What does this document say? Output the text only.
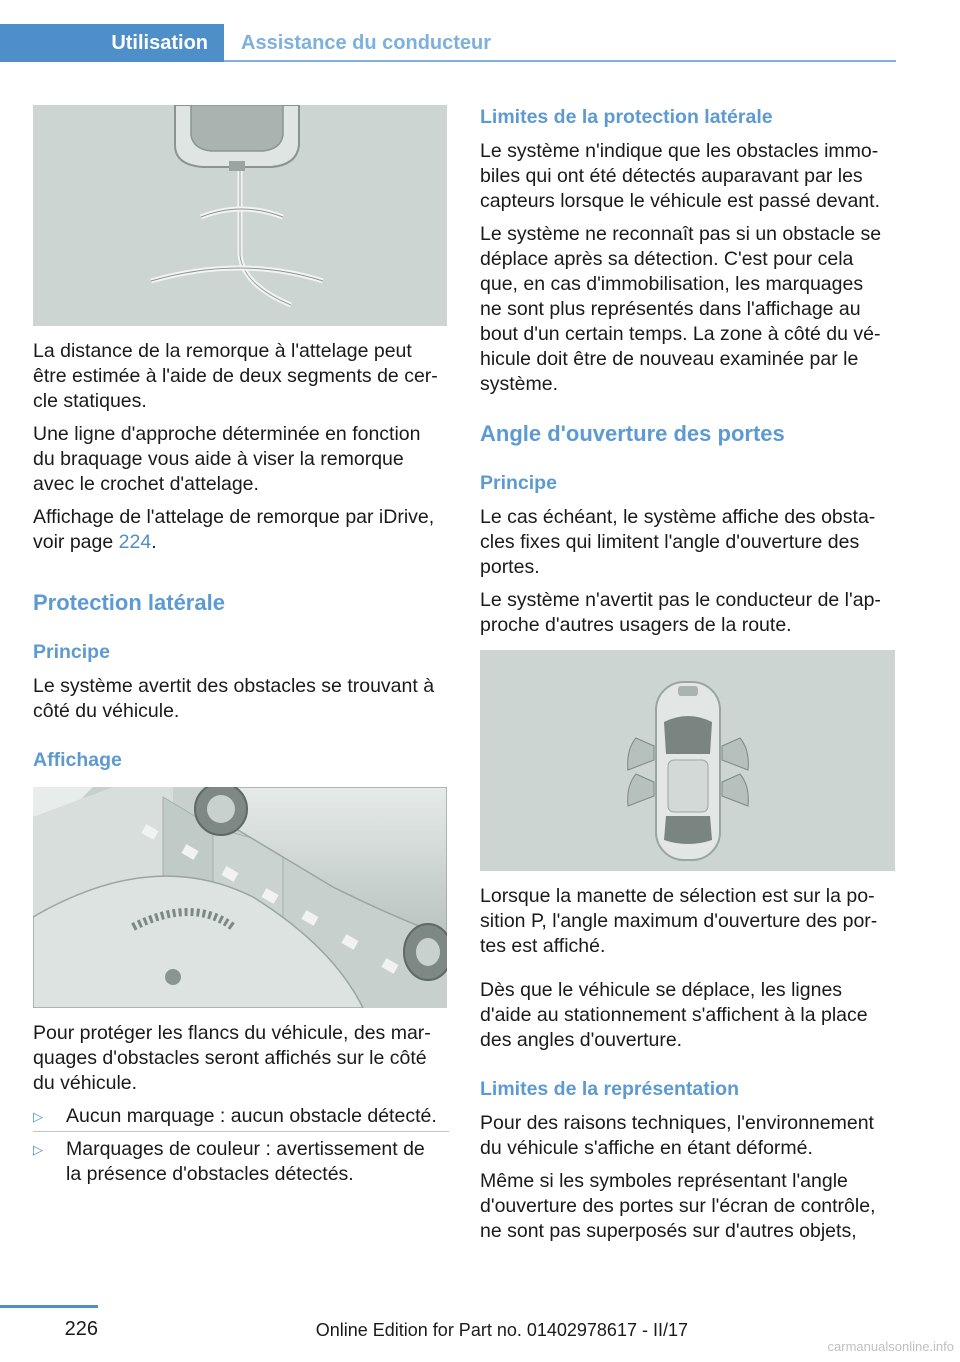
Utilisation	Assistance du conducteur

La distance de la remorque à l'attelage peut

être estimée à l'aide de deux segments de cer-

cle statiques.

Une ligne d'approche déterminée en fonction

du braquage vous aide à viser la remorque

avec le crochet d'attelage.

Affichage de l'attelage de remorque par iDrive,

voir page 224.

Protection latérale
Principe

Le système avertit des obstacles se trouvant à

côté du véhicule.

Affichage

Pour protéger les flancs du véhicule, des mar-

quages d'obstacles seront affichés sur le côté

du véhicule.

▷ Aucun marquage : aucun obstacle détecté.
▷ Marquages de couleur : avertissement de
la présence d'obstacles détectés.
Limites de la protection latérale

Le système n'indique que les obstacles immo-

biles qui ont été détectés auparavant par les

capteurs lorsque le véhicule est passé devant.

Le système ne reconnaît pas si un obstacle se

déplace après sa détection. C'est pour cela

que, en cas d'immobilisation, les marquages

ne sont plus représentés dans l'affichage au

bout d'un certain temps. La zone à côté du vé-

hicule doit être de nouveau examinée par le

système.

Angle d'ouverture des portes
Principe

Le cas échéant, le système affiche des obsta-

cles fixes qui limitent l'angle d'ouverture des

portes.

Le système n'avertit pas le conducteur de l'ap-

proche d'autres usagers de la route.

Lorsque la manette de sélection est sur la po-

sition P, l'angle maximum d'ouverture des por-

tes est affiché.

Dès que le véhicule se déplace, les lignes

d'aide au stationnement s'affichent à la place

des angles d'ouverture.

Limites de la représentation

Pour des raisons techniques, l'environnement

du véhicule s'affiche en étant déformé.

Même si les symboles représentant l'angle

d'ouverture des portes sur l'écran de contrôle,

ne sont pas superposés sur d'autres objets,

226	Online Edition for Part no. 01402978617 - II/17
carmanualsonline.info
